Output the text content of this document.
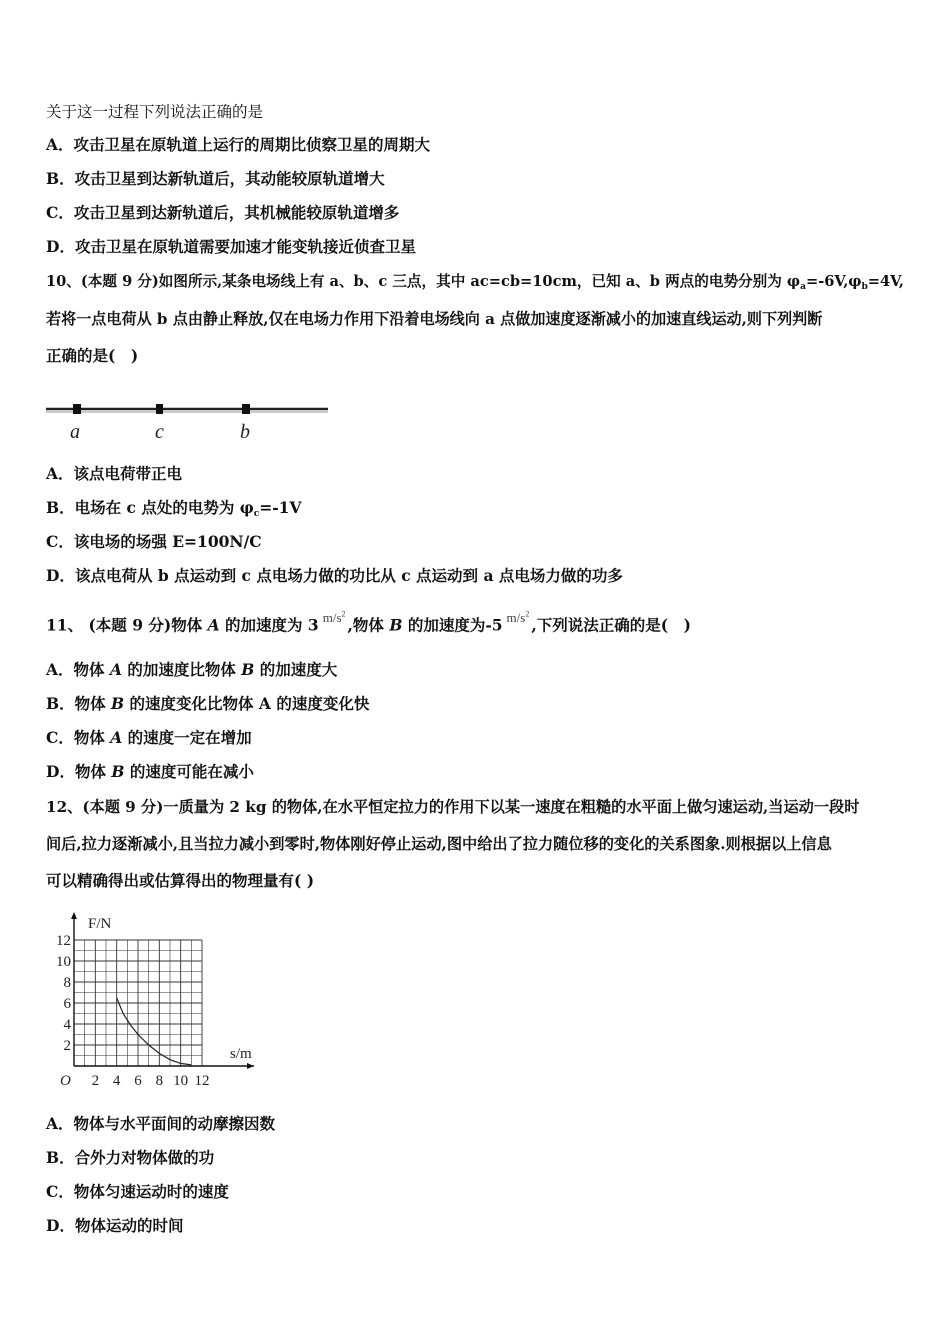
关于这一过程下列说法正确的是
A．攻击卫星在原轨道上运行的周期比侦察卫星的周期大
B．攻击卫星到达新轨道后，其动能较原轨道增大
C．攻击卫星到达新轨道后，其机械能较原轨道增多
D．攻击卫星在原轨道需要加速才能变轨接近侦查卫星
10、(本题 9 分)如图所示,某条电场线上有 a、b、c 三点，其中 ac=cb=10cm，已知 a、b 两点的电势分别为 $\varphi_a=-6V,\varphi_b=4V$,
若将一点电荷从 b 点由静止释放,仅在电场力作用下沿着电场线向 a 点做加速度逐渐减小的加速直线运动,则下列判断
正确的是(　)
a	c	b
A．该点电荷带正电
B．电场在 c 点处的电势为 $\varphi_c=-1V$
C．该电场的场强 E=100N/C
D．该点电荷从 b 点运动到 c 点电场力做的功比从 c 点运动到 a 点电场力做的功多
11、 (本题 9 分)物体 A 的加速度为 3 $^{m/s^2}$,物体 B 的加速度为-5 $^{m/s^2}$,下列说法正确的是(　)
A．物体 A 的加速度比物体 B 的加速度大
B．物体 B 的速度变化比物体 A 的速度变化快
C．物体 A 的速度一定在增加
D．物体 B 的速度可能在减小
12、(本题 9 分)一质量为 2 kg 的物体,在水平恒定拉力的作用下以某一速度在粗糙的水平面上做匀速运动,当运动一段时
间后,拉力逐渐减小,且当拉力减小到零时,物体刚好停止运动,图中给出了拉力随位移的变化的关系图象.则根据以上信息
可以精确得出或估算得出的物理量有( )
2 4 6 8 10 12
2
4
6
8
10
12
O
F/N
s/m
A．物体与水平面间的动摩擦因数
B．合外力对物体做的功
C．物体匀速运动时的速度
D．物体运动的时间
